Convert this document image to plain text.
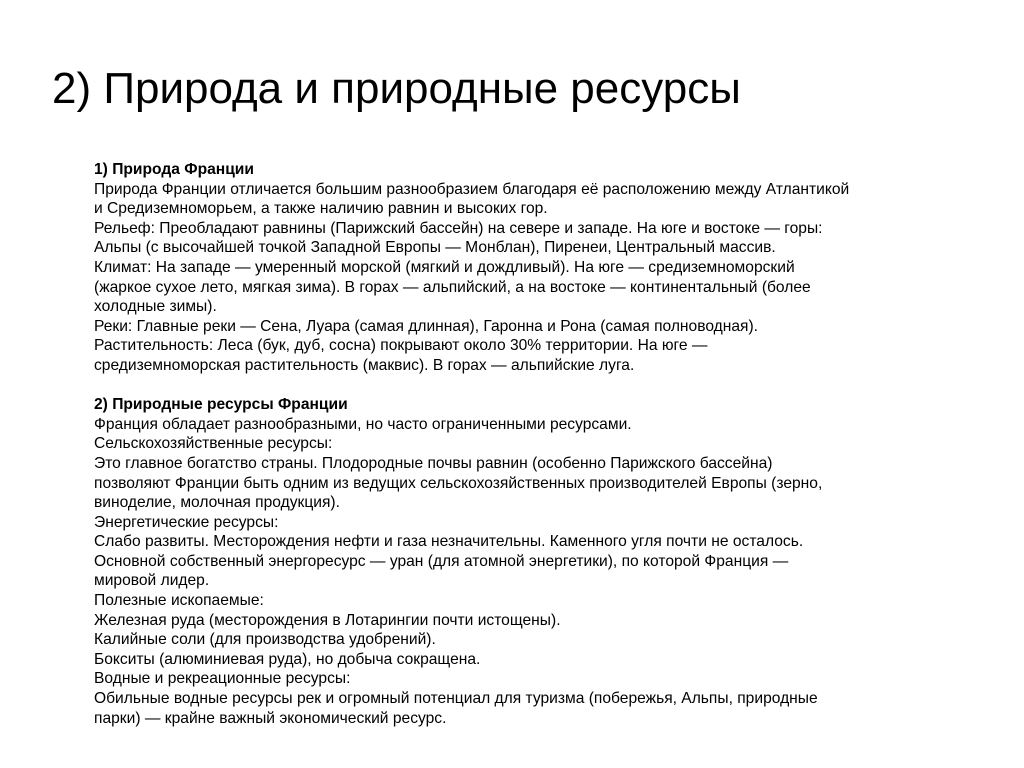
2) Природа и природные ресурсы

1) Природа Франции

Природа Франции отличается большим разнообразием благодаря её расположению между Атлантикой

и Средиземноморьем, а также наличию равнин и высоких гор.

Рельеф: Преобладают равнины (Парижский бассейн) на севере и западе. На юге и востоке — горы:

Альпы (с высочайшей точкой Западной Европы — Монблан), Пиренеи, Центральный массив.

Климат: На западе — умеренный морской (мягкий и дождливый). На юге — средиземноморский

(жаркое сухое лето, мягкая зима). В горах — альпийский, а на востоке — континентальный (более

холодные зимы).

Реки: Главные реки — Сена, Луара (самая длинная), Гаронна и Рона (самая полноводная).

Растительность: Леса (бук, дуб, сосна) покрывают около 30% территории. На юге —

средиземноморская растительность (маквис). В горах — альпийские луга.

2) Природные ресурсы Франции

Франция обладает разнообразными, но часто ограниченными ресурсами.

Сельскохозяйственные ресурсы:

Это главное богатство страны. Плодородные почвы равнин (особенно Парижского бассейна)

позволяют Франции быть одним из ведущих сельскохозяйственных производителей Европы (зерно,

виноделие, молочная продукция).

Энергетические ресурсы:

Слабо развиты. Месторождения нефти и газа незначительны. Каменного угля почти не осталось.

Основной собственный энергоресурс — уран (для атомной энергетики), по которой Франция —

мировой лидер.

Полезные ископаемые:

Железная руда (месторождения в Лотарингии почти истощены).

Калийные соли (для производства удобрений).

Бокситы (алюминиевая руда), но добыча сокращена.

Водные и рекреационные ресурсы:

Обильные водные ресурсы рек и огромный потенциал для туризма (побережья, Альпы, природные

парки) — крайне важный экономический ресурс.
